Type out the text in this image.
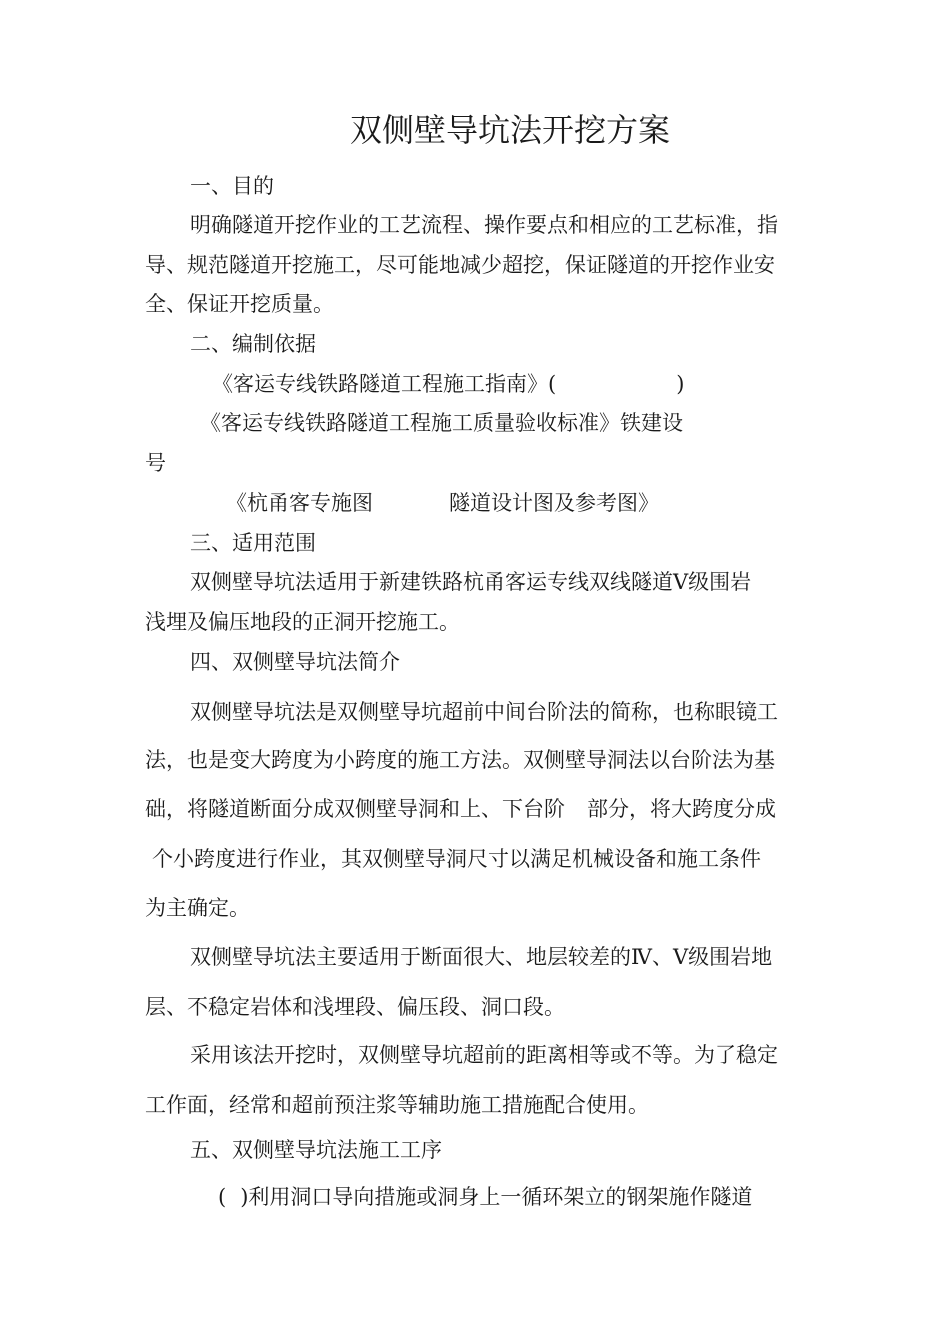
双侧壁导坑法开挖方案

一、目的

明确隧道开挖作业的工艺流程、操作要点和相应的工艺标准，指

导、规范隧道开挖施工，尽可能地减少超挖，保证隧道的开挖作业安

全、保证开挖质量。

二、编制依据

《客运专线铁路隧道工程施工指南》(	)

《客运专线铁路隧道工程施工质量验收标准》铁建设

号

《杭甬客专施图	隧道设计图及参考图》

三、适用范围

双侧壁导坑法适用于新建铁路杭甬客运专线双线隧道Ⅴ级围岩

浅埋及偏压地段的正洞开挖施工。

四、双侧壁导坑法简介

双侧壁导坑法是双侧壁导坑超前中间台阶法的简称，也称眼镜工

法，也是变大跨度为小跨度的施工方法。双侧壁导洞法以台阶法为基

础，将隧道断面分成双侧壁导洞和上、下台阶 部分，将大跨度分成

个小跨度进行作业，其双侧壁导洞尺寸以满足机械设备和施工条件

为主确定。

双侧壁导坑法主要适用于断面很大、地层较差的Ⅳ、Ⅴ级围岩地

层、不稳定岩体和浅埋段、偏压段、洞口段。

采用该法开挖时，双侧壁导坑超前的距离相等或不等。为了稳定

工作面，经常和超前预注浆等辅助施工措施配合使用。

五、双侧壁导坑法施工工序

( )利用洞口导向措施或洞身上一循环架立的钢架施作隧道
